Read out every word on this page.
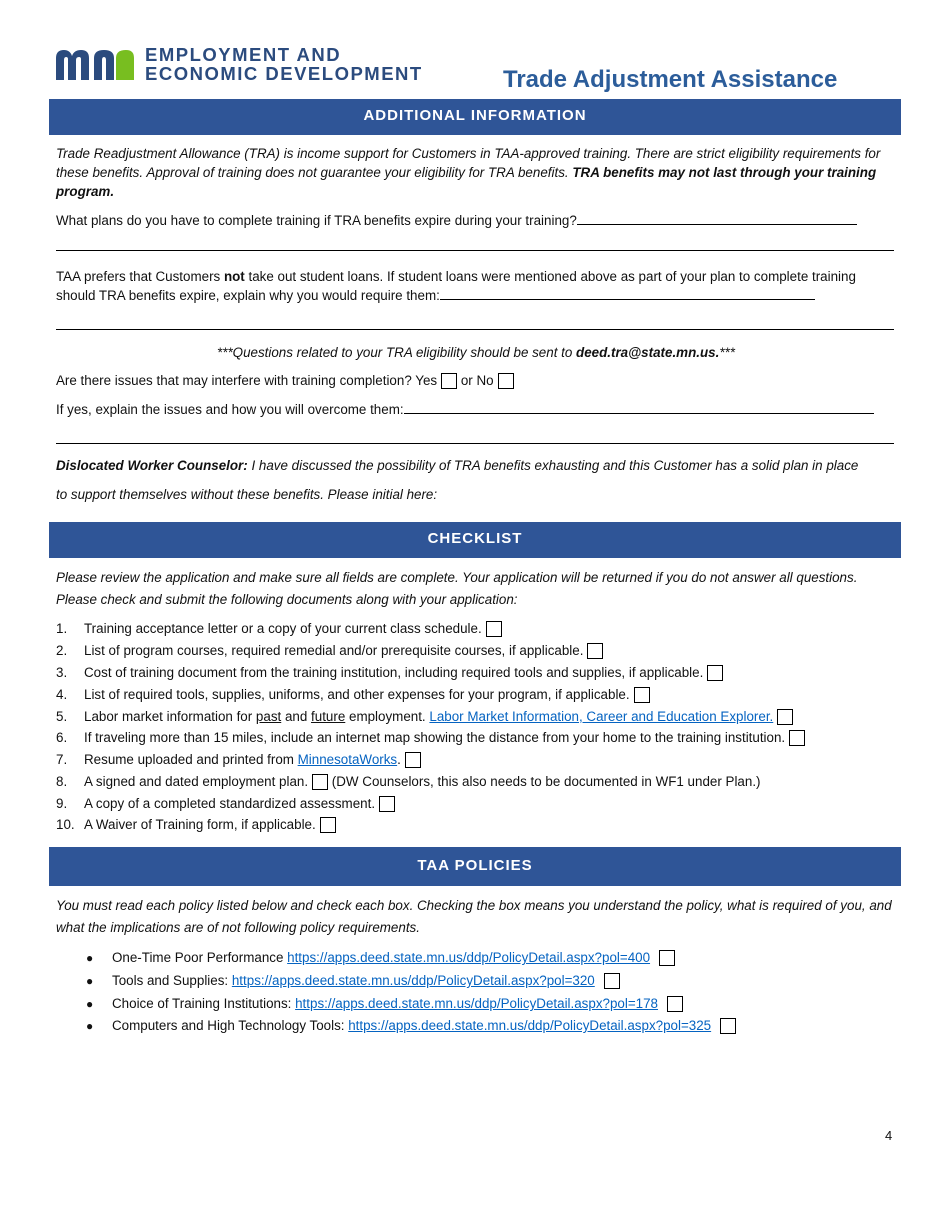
EMPLOYMENT AND
ECONOMIC DEVELOPMENT	Trade Adjustment Assistance
ADDITIONAL INFORMATION
Trade Readjustment Allowance (TRA) is income support for Customers in TAA-approved training. There are strict eligibility requirements for these benefits. Approval of training does not guarantee your eligibility for TRA benefits. TRA benefits may not last through your training program.
What plans do you have to complete training if TRA benefits expire during your training?
TAA prefers that Customers not take out student loans. If student loans were mentioned above as part of your plan to complete training should TRA benefits expire, explain why you would require them:
***Questions related to your TRA eligibility should be sent to deed.tra@state.mn.us.***
Are there issues that may interfere with training completion? Yes or No
If yes, explain the issues and how you will overcome them:
Dislocated Worker Counselor: I have discussed the possibility of TRA benefits exhausting and this Customer has a solid plan in place
to support themselves without these benefits. Please initial here:
CHECKLIST
Please review the application and make sure all fields are complete. Your application will be returned if you do not answer all questions. Please check and submit the following documents along with your application:
1. Training acceptance letter or a copy of your current class schedule.
2. List of program courses, required remedial and/or prerequisite courses, if applicable.
3. Cost of training document from the training institution, including required tools and supplies, if applicable.
4. List of required tools, supplies, uniforms, and other expenses for your program, if applicable.
5. Labor market information for past and future employment. Labor Market Information, Career and Education Explorer.
6. If traveling more than 15 miles, include an internet map showing the distance from your home to the training institution.
7. Resume uploaded and printed from MinnesotaWorks.
8. A signed and dated employment plan. (DW Counselors, this also needs to be documented in WF1 under Plan.)
9. A copy of a completed standardized assessment.
10. A Waiver of Training form, if applicable.
TAA POLICIES
You must read each policy listed below and check each box. Checking the box means you understand the policy, what is required of you, and what the implications are of not following policy requirements.
● One-Time Poor Performance https://apps.deed.state.mn.us/ddp/PolicyDetail.aspx?pol=400
● Tools and Supplies: https://apps.deed.state.mn.us/ddp/PolicyDetail.aspx?pol=320
● Choice of Training Institutions: https://apps.deed.state.mn.us/ddp/PolicyDetail.aspx?pol=178
● Computers and High Technology Tools: https://apps.deed.state.mn.us/ddp/PolicyDetail.aspx?pol=325
4
